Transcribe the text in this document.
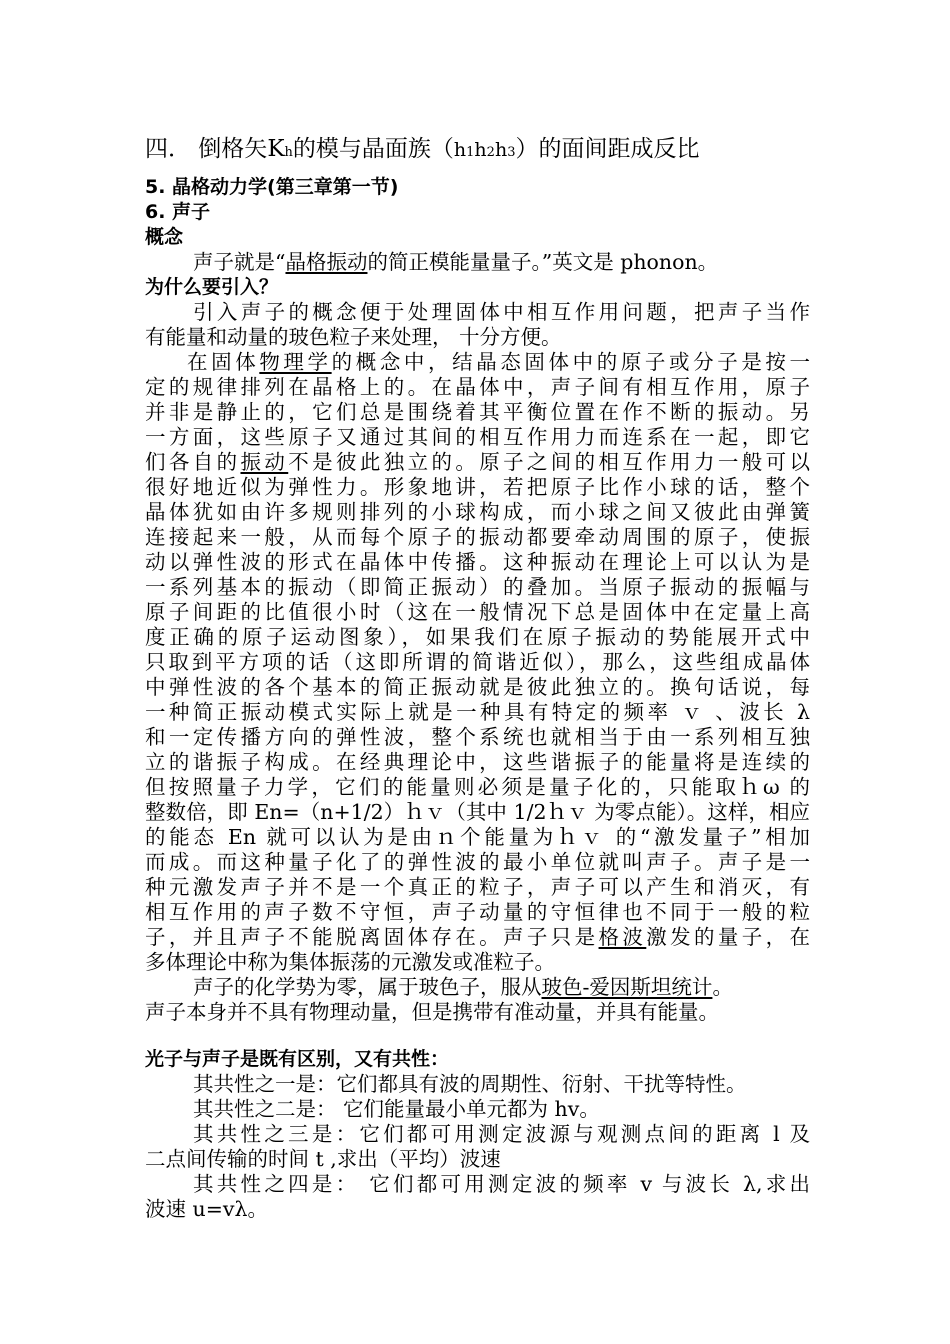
四． 倒格矢Kh的模与晶面族（h1h2h3）的面间距成反比
5. 晶格动力学(第三章第一节)
6. 声子
概念
声子就是“晶格振动的简正模能量量子。”英文是 phonon。
为什么要引入？
引入声子的概念便于处理固体中相互作用问题，把声子当作
有能量和动量的玻色粒子来处理， 十分方便。
在固体物理学的概念中，结晶态固体中的原子或分子是按一
定的规律排列在晶格上的。在晶体中，声子间有相互作用，原子
并非是静止的，它们总是围绕着其平衡位置在作不断的振动。另
一方面，这些原子又通过其间的相互作用力而连系在一起，即它
们各自的振动不是彼此独立的。原子之间的相互作用力一般可以
很好地近似为弹性力。形象地讲，若把原子比作小球的话，整个
晶体犹如由许多规则排列的小球构成，而小球之间又彼此由弹簧
连接起来一般，从而每个原子的振动都要牵动周围的原子，使振
动以弹性波的形式在晶体中传播。这种振动在理论上可以认为是
一系列基本的振动（即简正振动）的叠加。当原子振动的振幅与
原子间距的比值很小时（这在一般情况下总是固体中在定量上高
度正确的原子运动图象），如果我们在原子振动的势能展开式中
只取到平方项的话（这即所谓的简谐近似），那么，这些组成晶体
中弹性波的各个基本的简正振动就是彼此独立的。换句话说，每
一种简正振动模式实际上就是一种具有特定的频率 ｖ 、波长 λ
和一定传播方向的弹性波，整个系统也就相当于由一系列相互独
立的谐振子构成。在经典理论中，这些谐振子的能量将是连续的
但按照量子力学，它们的能量则必须是量子化的，只能取ｈω 的
整数倍，即 En=（n+1/2）ｈｖ（其中 1/2ｈｖ 为零点能）。这样，相应
的能态 En 就可以认为是由ｎ个能量为ｈｖ 的“激发量子”相加
而成。而这种量子化了的弹性波的最小单位就叫声子。声子是一
种元激发声子并不是一个真正的粒子，声子可以产生和消灭，有
相互作用的声子数不守恒，声子动量的守恒律也不同于一般的粒
子，并且声子不能脱离固体存在。声子只是格波激发的量子，在
多体理论中称为集体振荡的元激发或准粒子。
声子的化学势为零，属于玻色子，服从玻色-爱因斯坦统计。
声子本身并不具有物理动量，但是携带有准动量，并具有能量。
光子与声子是既有区别，又有共性：
其共性之一是：它们都具有波的周期性、衍射、干扰等特性。
其共性之二是： 它们能量最小单元都为 hv。
其共性之三是：它们都可用测定波源与观测点间的距离 l 及
二点间传输的时间 t ,求出（平均）波速
其共性之四是： 它们都可用测定波的频率 v 与波长 λ,求出
波速 u=vλ。
